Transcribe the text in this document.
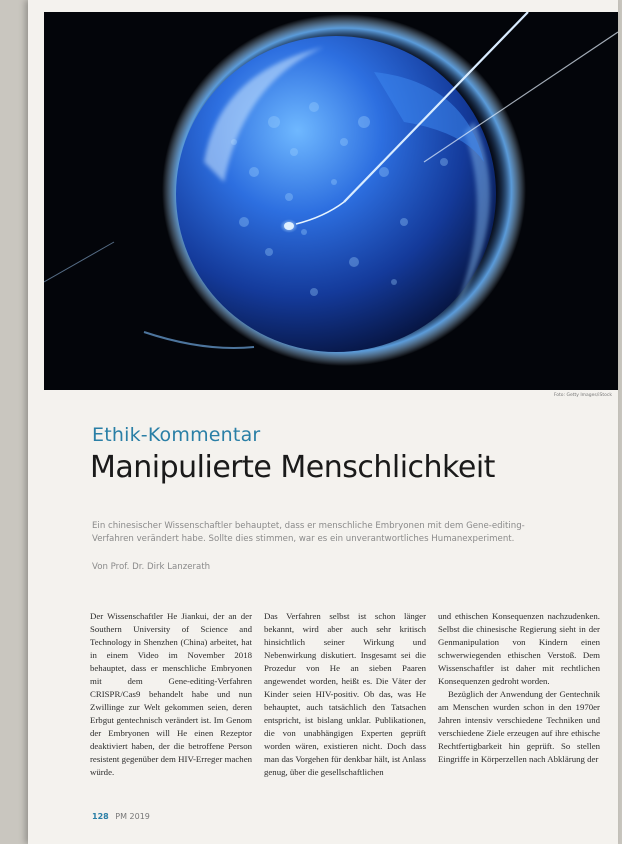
Foto: Getty Images/iStock
Ethik-Kommentar
Manipulierte Menschlichkeit
Ein chinesischer Wissenschaftler behauptet, dass er menschliche Embryonen mit dem Gene-editing-Verfahren verändert habe. Sollte dies stimmen, war es ein unverantwortliches Humanexperiment.
Von Prof. Dr. Dirk Lanzerath

Der Wissenschaftler He Jiankui, der an der Southern University of Science and Technology in Shenzhen (China) arbeitet, hat in einem Video im November 2018 behauptet, dass er menschliche Embryonen mit dem Gene-editing-Verfahren CRISPR/Cas9 behandelt habe und nun Zwillinge zur Welt gekommen seien, deren Erbgut gentechnisch verändert ist. Im Genom der Embryonen will He einen Rezeptor deaktiviert haben, der die betroffene Person resistent gegenüber dem HIV-Erreger machen würde.

Das Verfahren selbst ist schon länger bekannt, wird aber auch sehr kritisch hinsichtlich seiner Wirkung und Nebenwirkung diskutiert. Insgesamt sei die Prozedur von He an sieben Paaren angewendet worden, heißt es. Die Väter der Kinder seien HIV-positiv. Ob das, was He behauptet, auch tatsächlich den Tatsachen entspricht, ist bislang unklar. Publikationen, die von unabhängigen Experten geprüft worden wären, existieren nicht. Doch dass man das Vorgehen für denkbar hält, ist Anlass genug, über die gesellschaftlichen

und ethischen Konsequenzen nachzudenken. Selbst die chinesische Regierung sieht in der Genmanipulation von Kindern einen schwerwiegenden ethischen Verstoß. Dem Wissenschaftler ist daher mit rechtlichen Konsequenzen gedroht worden.

Bezüglich der Anwendung der Gentechnik am Menschen wurden schon in den 1970er Jahren intensiv verschiedene Techniken und verschiedene Ziele erzeugen auf ihre ethische Rechtfertigbarkeit hin geprüft. So stellen Eingriffe in Körperzellen nach Abklärung der

128 PM 2019
